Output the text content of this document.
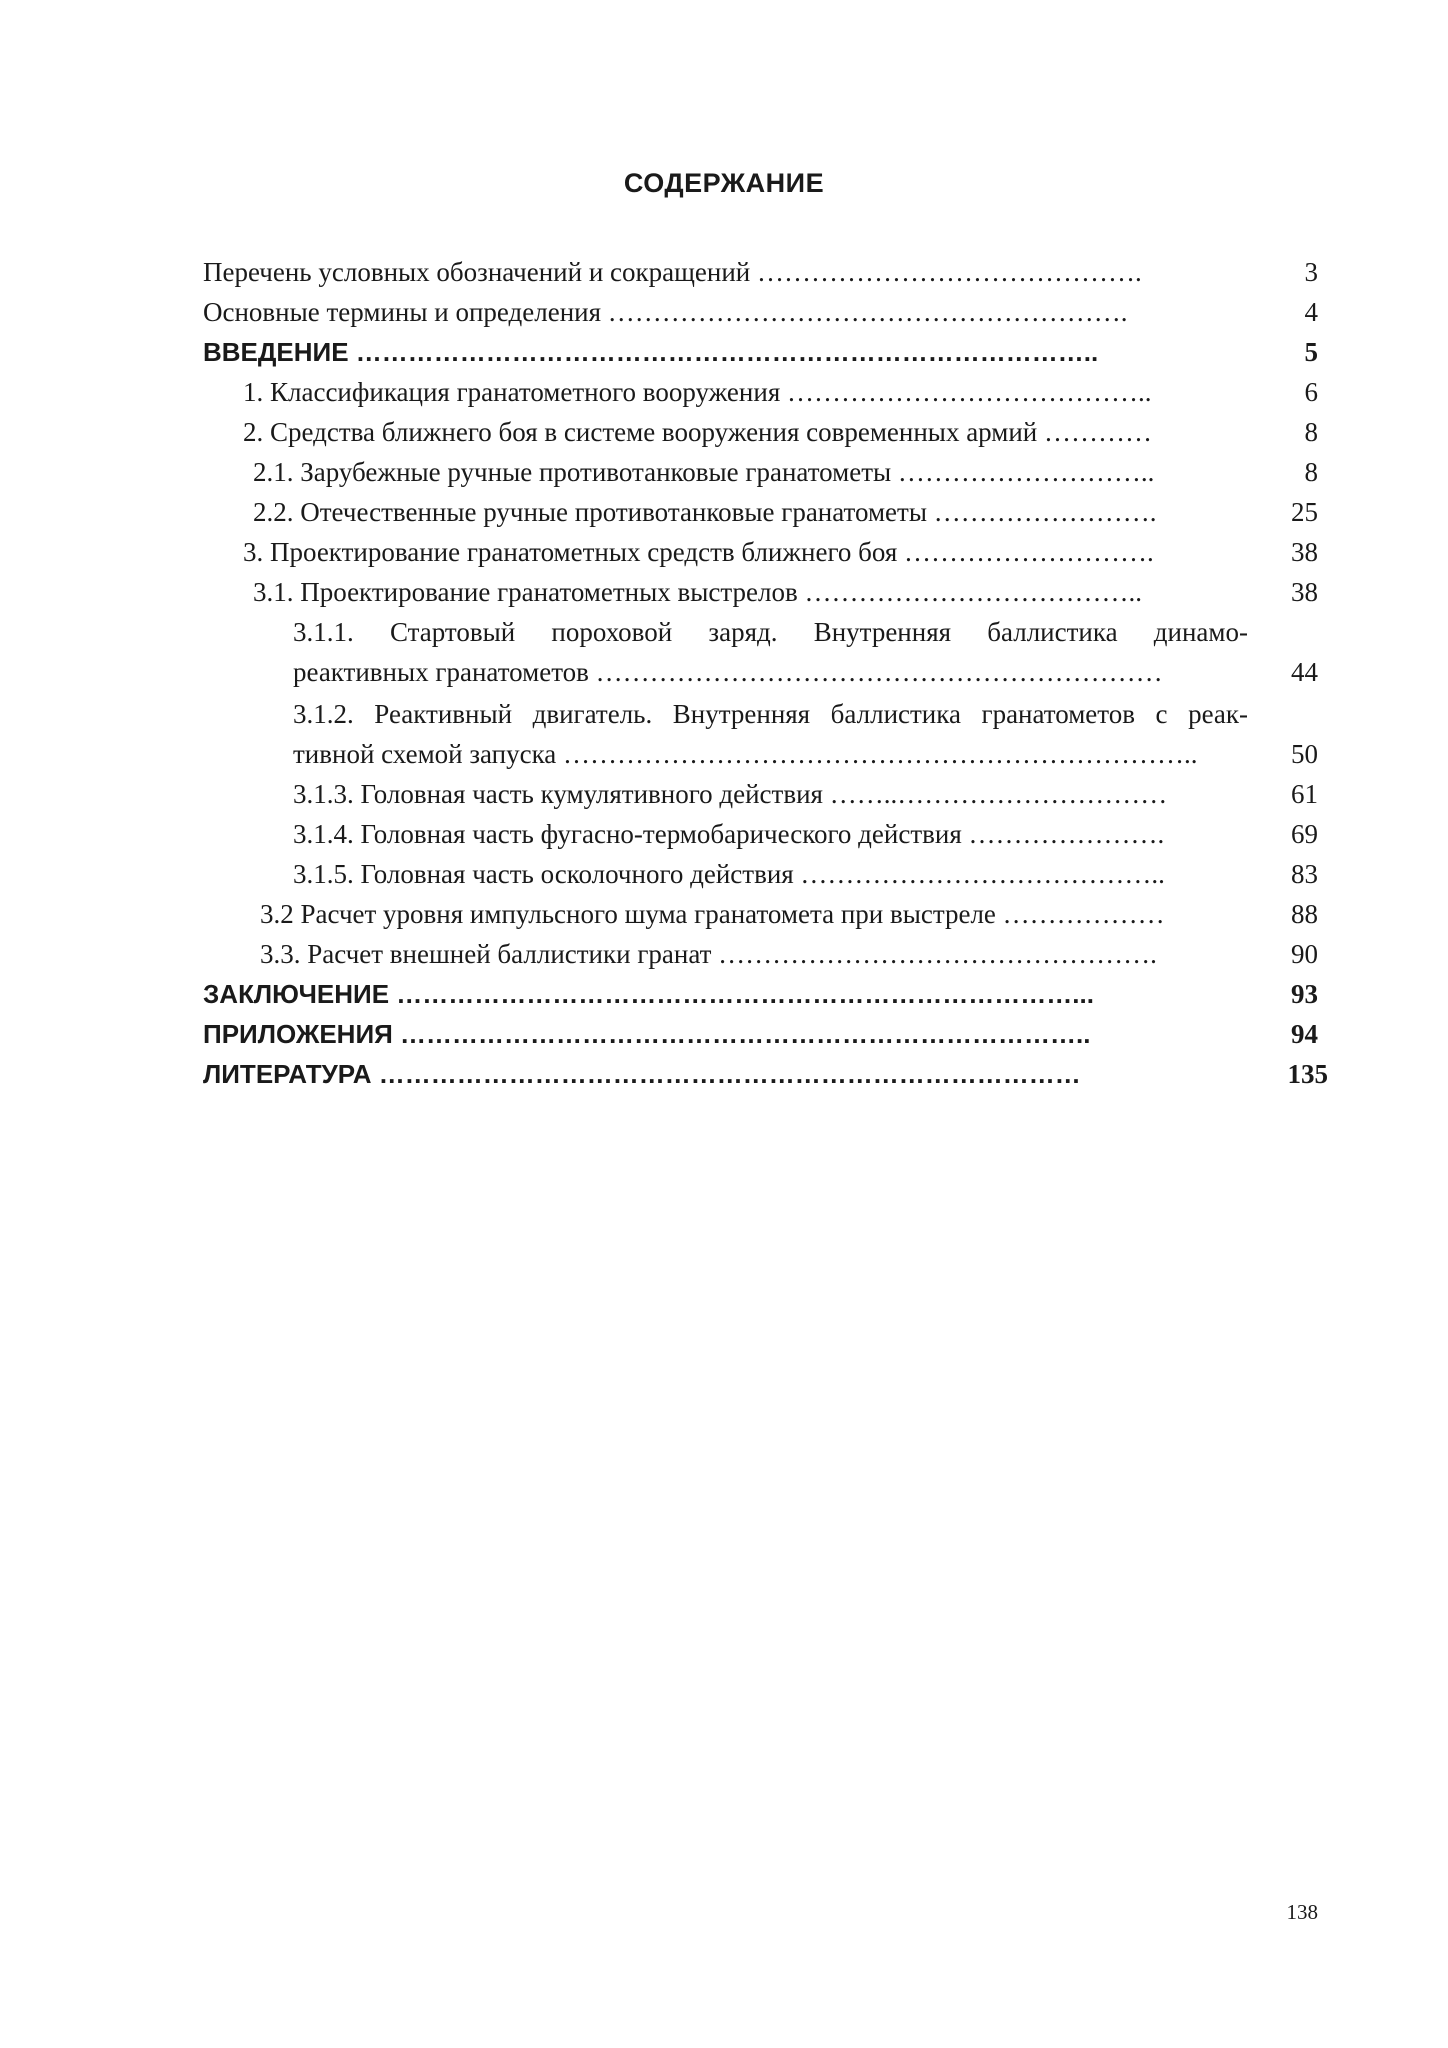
СОДЕРЖАНИЕ
Перечень условных обозначений и сокращений …………………………………….	3
Основные термины и определения ………………………………………………….	4
ВВЕДЕНИЕ …………………………………………………………………………..	5
1. Классификация гранатометного вооружения …………………………………..	6
2. Средства ближнего боя в системе вооружения современных армий …………	8
2.1. Зарубежные ручные противотанковые гранатометы ………………………..	8
2.2. Отечественные ручные противотанковые гранатометы …………………….	25
3. Проектирование гранатометных средств ближнего боя ……………………….	38
3.1. Проектирование гранатометных выстрелов ………………………………..	38
3.1.1. Стартовый пороховой заряд. Внутренняя баллистика динамо-
реактивных гранатометов ………………………………………………………	44
3.1.2. Реактивный двигатель. Внутренняя баллистика гранатометов с реак-
тивной схемой запуска ……………………………………………………………..	50
3.1.3. Головная часть кумулятивного действия ……..…………………………	61
3.1.4. Головная часть фугасно-термобарического действия ………………….	69
3.1.5. Головная часть осколочного действия …………………………………..	83
3.2 Расчет уровня импульсного шума гранатомета при выстреле ………………	88
3.3. Расчет внешней баллистики гранат ………………………………………….	90
ЗАКЛЮЧЕНИЕ ……………………………………………………………………...	93
ПРИЛОЖЕНИЯ ……………………………………………………………………..	94
ЛИТЕРАТУРА ………………………………………………………………………	135
138
